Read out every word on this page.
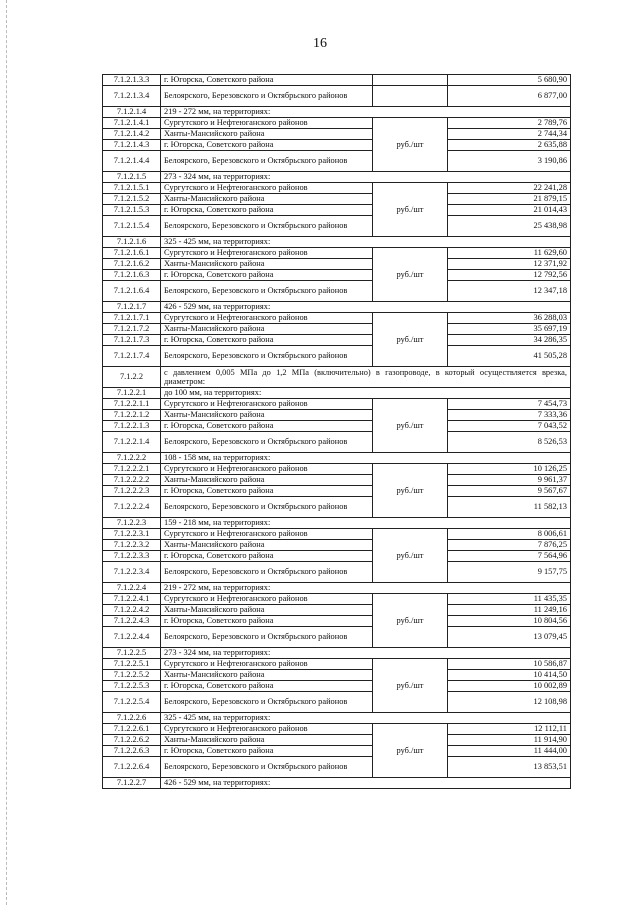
16
7.1.2.1.3.3	г. Югорска, Советского района		5 680,90
7.1.2.1.3.4	Белоярского, Березовского и Октябрьского районов		6 877,00
7.1.2.1.4	219 - 272 мм, на территориях:		
7.1.2.1.4.1	Сургутского и Нефтеюганского районов	руб./шт	2 789,76
7.1.2.1.4.2	Ханты-Мансийского района		2 744,34
7.1.2.1.4.3	г. Югорска, Советского района		2 635,88
7.1.2.1.4.4	Белоярского, Березовского и Октябрьского районов		3 190,86
7.1.2.1.5	273 - 324 мм, на территориях:		
7.1.2.1.5.1	Сургутского и Нефтеюганского районов	руб./шт	22 241,28
7.1.2.1.5.2	Ханты-Мансийского района		21 879,15
7.1.2.1.5.3	г. Югорска, Советского района		21 014,43
7.1.2.1.5.4	Белоярского, Березовского и Октябрьского районов		25 438,98
7.1.2.1.6	325 - 425 мм, на территориях:		
7.1.2.1.6.1	Сургутского и Нефтеюганского районов	руб./шт	11 629,60
7.1.2.1.6.2	Ханты-Мансийского района		12 371,92
7.1.2.1.6.3	г. Югорска, Советского района		12 792,56
7.1.2.1.6.4	Белоярского, Березовского и Октябрьского районов		12 347,18
7.1.2.1.7	426 - 529 мм, на территориях:		
7.1.2.1.7.1	Сургутского и Нефтеюганского районов	руб./шт	36 288,03
7.1.2.1.7.2	Ханты-Мансийского района		35 697,19
7.1.2.1.7.3	г. Югорска, Советского района		34 286,35
7.1.2.1.7.4	Белоярского, Березовского и Октябрьского районов		41 505,28
7.1.2.2	с давлением 0,005 МПа до 1,2 МПа (включительно) в газопроводе, в который осуществляется врезка, диаметром:		
7.1.2.2.1	до 100 мм, на территориях:		
7.1.2.2.1.1	Сургутского и Нефтеюганского районов	руб./шт	7 454,73
7.1.2.2.1.2	Ханты-Мансийского района		7 333,36
7.1.2.2.1.3	г. Югорска, Советского района		7 043,52
7.1.2.2.1.4	Белоярского, Березовского и Октябрьского районов		8 526,53
7.1.2.2.2	108 - 158 мм, на территориях:		
7.1.2.2.2.1	Сургутского и Нефтеюганского районов	руб./шт	10 126,25
7.1.2.2.2.2	Ханты-Мансийского района		9 961,37
7.1.2.2.2.3	г. Югорска, Советского района		9 567,67
7.1.2.2.2.4	Белоярского, Березовского и Октябрьского районов		11 582,13
7.1.2.2.3	159 - 218 мм, на территориях:		
7.1.2.2.3.1	Сургутского и Нефтеюганского районов	руб./шт	8 006,61
7.1.2.2.3.2	Ханты-Мансийского района		7 876,25
7.1.2.2.3.3	г. Югорска, Советского района		7 564,96
7.1.2.2.3.4	Белоярского, Березовского и Октябрьского районов		9 157,75
7.1.2.2.4	219 - 272 мм, на территориях:		
7.1.2.2.4.1	Сургутского и Нефтеюганского районов	руб./шт	11 435,35
7.1.2.2.4.2	Ханты-Мансийского района		11 249,16
7.1.2.2.4.3	г. Югорска, Советского района		10 804,56
7.1.2.2.4.4	Белоярского, Березовского и Октябрьского районов		13 079,45
7.1.2.2.5	273 - 324 мм, на территориях:		
7.1.2.2.5.1	Сургутского и Нефтеюганского районов	руб./шт	10 586,87
7.1.2.2.5.2	Ханты-Мансийского района		10 414,50
7.1.2.2.5.3	г. Югорска, Советского района		10 002,89
7.1.2.2.5.4	Белоярского, Березовского и Октябрьского районов		12 108,98
7.1.2.2.6	325 - 425 мм, на территориях:		
7.1.2.2.6.1	Сургутского и Нефтеюганского районов	руб./шт	12 112,11
7.1.2.2.6.2	Ханты-Мансийского района		11 914,90
7.1.2.2.6.3	г. Югорска, Советского района		11 444,00
7.1.2.2.6.4	Белоярского, Березовского и Октябрьского районов		13 853,51
7.1.2.2.7	426 - 529 мм, на территориях:		
